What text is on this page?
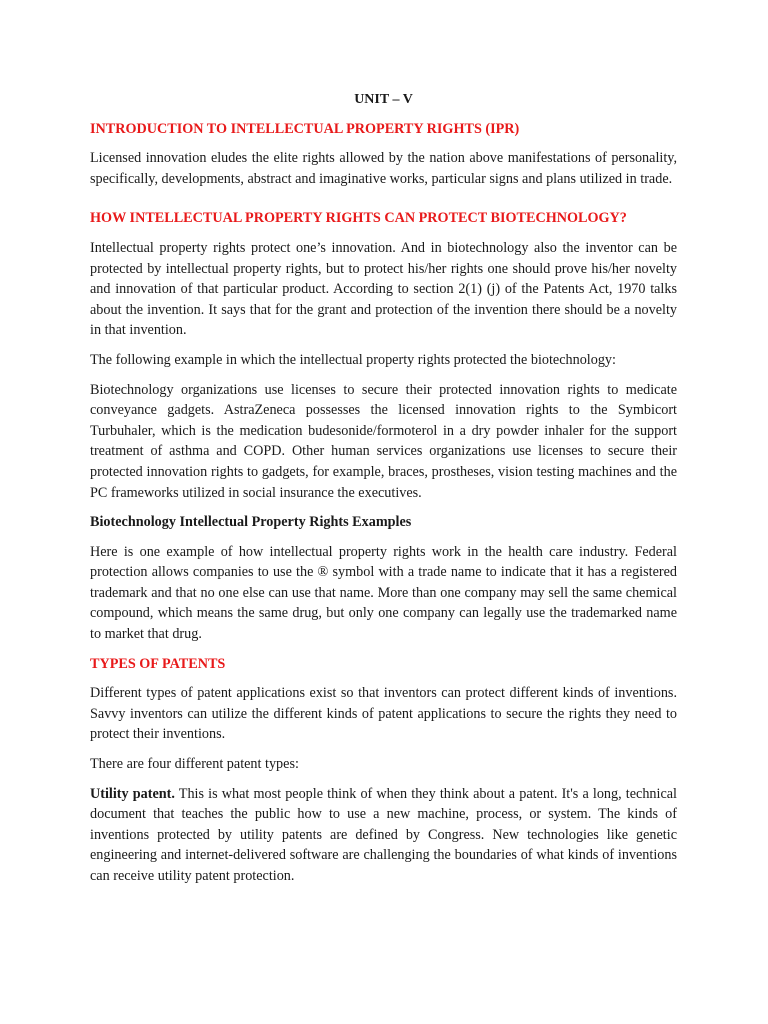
UNIT – V
INTRODUCTION TO INTELLECTUAL PROPERTY RIGHTS (IPR)

Licensed innovation eludes the elite rights allowed by the nation above manifestations of personality, specifically, developments, abstract and imaginative works, particular signs and plans utilized in trade.

HOW INTELLECTUAL PROPERTY RIGHTS CAN PROTECT BIOTECHNOLOGY?

Intellectual property rights protect one’s innovation. And in biotechnology also the inventor can be protected by intellectual property rights, but to protect his/her rights one should prove his/her novelty and innovation of that particular product. According to section 2(1) (j) of the Patents Act, 1970 talks about the invention. It says that for the grant and protection of the invention there should be a novelty in that invention.

The following example in which the intellectual property rights protected the biotechnology:

Biotechnology organizations use licenses to secure their protected innovation rights to medicate conveyance gadgets. AstraZeneca possesses the licensed innovation rights to the Symbicort Turbuhaler, which is the medication budesonide/formoterol in a dry powder inhaler for the support treatment of asthma and COPD. Other human services organizations use licenses to secure their protected innovation rights to gadgets, for example, braces, prostheses, vision testing machines and the PC frameworks utilized in social insurance the executives.

Biotechnology Intellectual Property Rights Examples

Here is one example of how intellectual property rights work in the health care industry. Federal protection allows companies to use the ® symbol with a trade name to indicate that it has a registered trademark and that no one else can use that name. More than one company may sell the same chemical compound, which means the same drug, but only one company can legally use the trademarked name to market that drug.

TYPES OF PATENTS

Different types of patent applications exist so that inventors can protect different kinds of inventions. Savvy inventors can utilize the different kinds of patent applications to secure the rights they need to protect their inventions.

There are four different patent types:

Utility patent. This is what most people think of when they think about a patent. It's a long, technical document that teaches the public how to use a new machine, process, or system. The kinds of inventions protected by utility patents are defined by Congress. New technologies like genetic engineering and internet-delivered software are challenging the boundaries of what kinds of inventions can receive utility patent protection.
